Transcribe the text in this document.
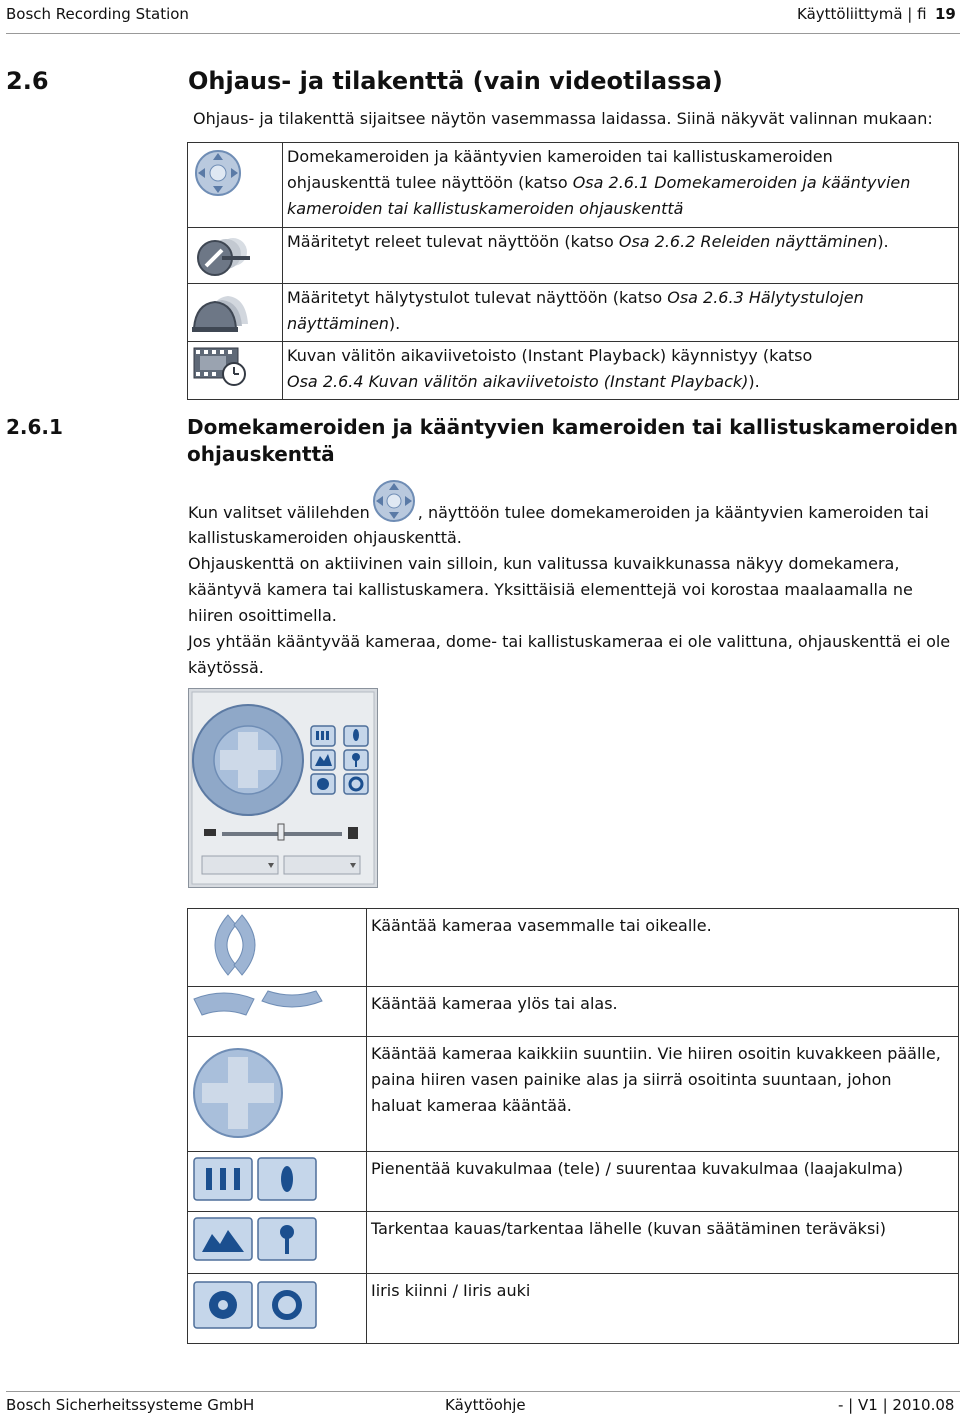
Bosch Recording Station	Käyttöliittymä | fi 19
2.6	Ohjaus- ja tilakenttä (vain videotilassa)
Ohjaus- ja tilakenttä sijaitsee näytön vasemmassa laidassa. Siinä näkyvät valinnan mukaan:

Domekameroiden ja kääntyvien kameroiden tai kallistuskameroiden
ohjauskenttä tulee näyttöön (katso Osa 2.6.1 Domekameroiden ja kääntyvien
kameroiden tai kallistuskameroiden ohjauskenttä

Määritetyt releet tulevat näyttöön (katso Osa 2.6.2 Releiden näyttäminen).

Määritetyt hälytystulot tulevat näyttöön (katso Osa 2.6.3 Hälytystulojen
näyttäminen).

Kuvan välitön aikaviivetoisto (Instant Playback) käynnistyy (katso
Osa 2.6.4 Kuvan välitön aikaviivetoisto (Instant Playback)).
2.6.1	Domekameroiden ja kääntyvien kameroiden tai kallistuskameroiden
ohjauskenttä
Kun valitset välilehden	, näyttöön tulee domekameroiden ja kääntyvien kameroiden tai
kallistuskameroiden ohjauskenttä.
Ohjauskenttä on aktiivinen vain silloin, kun valitussa kuvaikkunassa näkyy domekamera,
kääntyvä kamera tai kallistuskamera. Yksittäisiä elementtejä voi korostaa maalaamalla ne
hiiren osoittimella.
Jos yhtään kääntyvää kameraa, dome- tai kallistuskameraa ei ole valittuna, ohjauskenttä ei ole
käytössä.

Kääntää kameraa vasemmalle tai oikealle.

Kääntää kameraa ylös tai alas.

Kääntää kameraa kaikkiin suuntiin. Vie hiiren osoitin kuvakkeen päälle,
paina hiiren vasen painike alas ja siirrä osoitinta suuntaan, johon
haluat kameraa kääntää.

Pienentää kuvakulmaa (tele) / suurentaa kuvakulmaa (laajakulma)

Tarkentaa kauas/tarkentaa lähelle (kuvan säätäminen teräväksi)

Iiris kiinni / Iiris auki
Bosch Sicherheitssysteme GmbH	Käyttöohje	- | V1 | 2010.08
